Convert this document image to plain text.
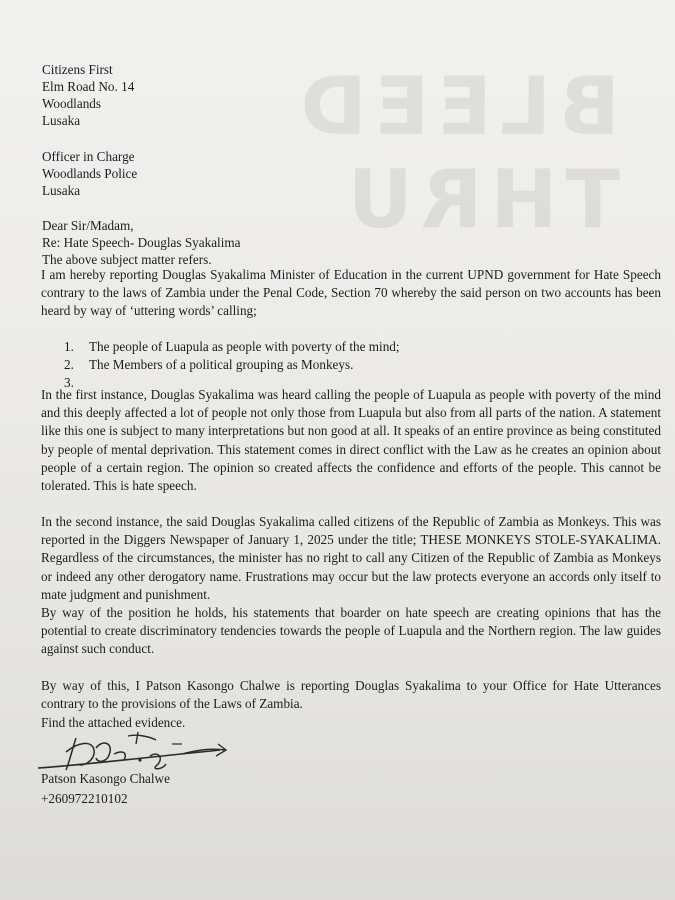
BLEED
THRU
Citizens First
Elm Road No. 14
Woodlands
Lusaka
Officer in Charge
Woodlands Police
Lusaka
Dear Sir/Madam,
Re: Hate Speech- Douglas Syakalima
The above subject matter refers.
I am hereby reporting Douglas Syakalima Minister of Education in the current UPND government for Hate Speech contrary to the laws of Zambia under the Penal Code, Section 70 whereby the said person on two accounts has been heard by way of ‘uttering words’ calling;
1. The people of Luapula as people with poverty of the mind;
2. The Members of a political grouping as Monkeys.
3.
In the first instance, Douglas Syakalima was heard calling the people of Luapula as people with poverty of the mind and this deeply affected a lot of people not only those from Luapula but also from all parts of the nation. A statement like this one is subject to many interpretations but non good at all. It speaks of an entire province as being constituted by people of mental deprivation. This statement comes in direct conflict with the Law as he creates an opinion about people of a certain region. The opinion so created affects the confidence and efforts of the people. This cannot be tolerated. This is hate speech.
In the second instance, the said Douglas Syakalima called citizens of the Republic of Zambia as Monkeys. This was reported in the Diggers Newspaper of January 1, 2025 under the title; THESE MONKEYS STOLE-SYAKALIMA. Regardless of the circumstances, the minister has no right to call any Citizen of the Republic of Zambia as Monkeys or indeed any other derogatory name. Frustrations may occur but the law protects everyone an accords only itself to mate judgment and punishment.
By way of the position he holds, his statements that boarder on hate speech are creating opinions that has the potential to create discriminatory tendencies towards the people of Luapula and the Northern region. The law guides against such conduct.
By way of this, I Patson Kasongo Chalwe is reporting Douglas Syakalima to your Office for Hate Utterances contrary to the provisions of the Laws of Zambia.
Find the attached evidence.
Patson Kasongo Chalwe
+260972210102
